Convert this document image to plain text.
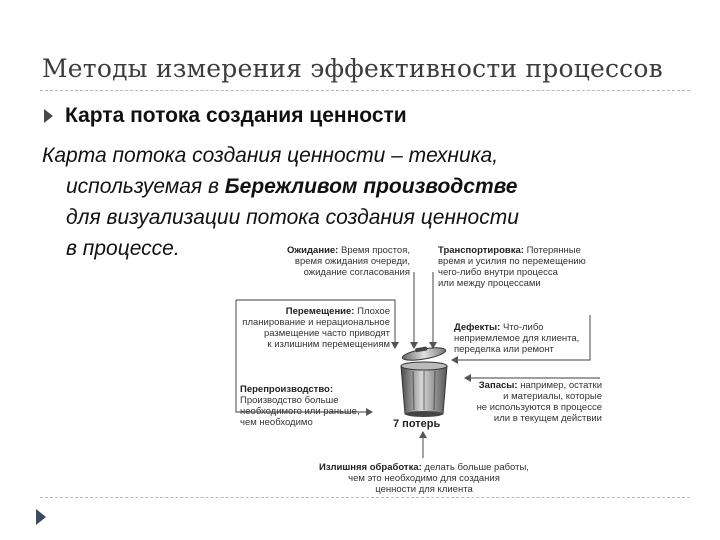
Методы измерения эффективности процессов
Карта потока создания ценности
Карта потока создания ценности – техника,
используемая в Бережливом производстве
для визуализации потока создания ценности
в процессе.
7 потерь
Ожидание: Время простоя,
время ожидания очереди,
ожидание согласования
Транспортировка: Потерянные
время и усилия по перемещению
чего-либо внутри процесса
или между процессами
Перемещение: Плохое
планирование и нерациональное
размещение часто приводят
к излишним перемещениям
Дефекты: Что-либо
неприемлемое для клиента,
переделка или ремонт
Перепроизводство:
Производство больше
необходимого или раньше,
чем необходимо
Запасы: например, остатки
и материалы, которые
не используются в процессе
или в текущем действии
Излишняя обработка: делать больше работы,
чем это необходимо для создания
ценности для клиента
